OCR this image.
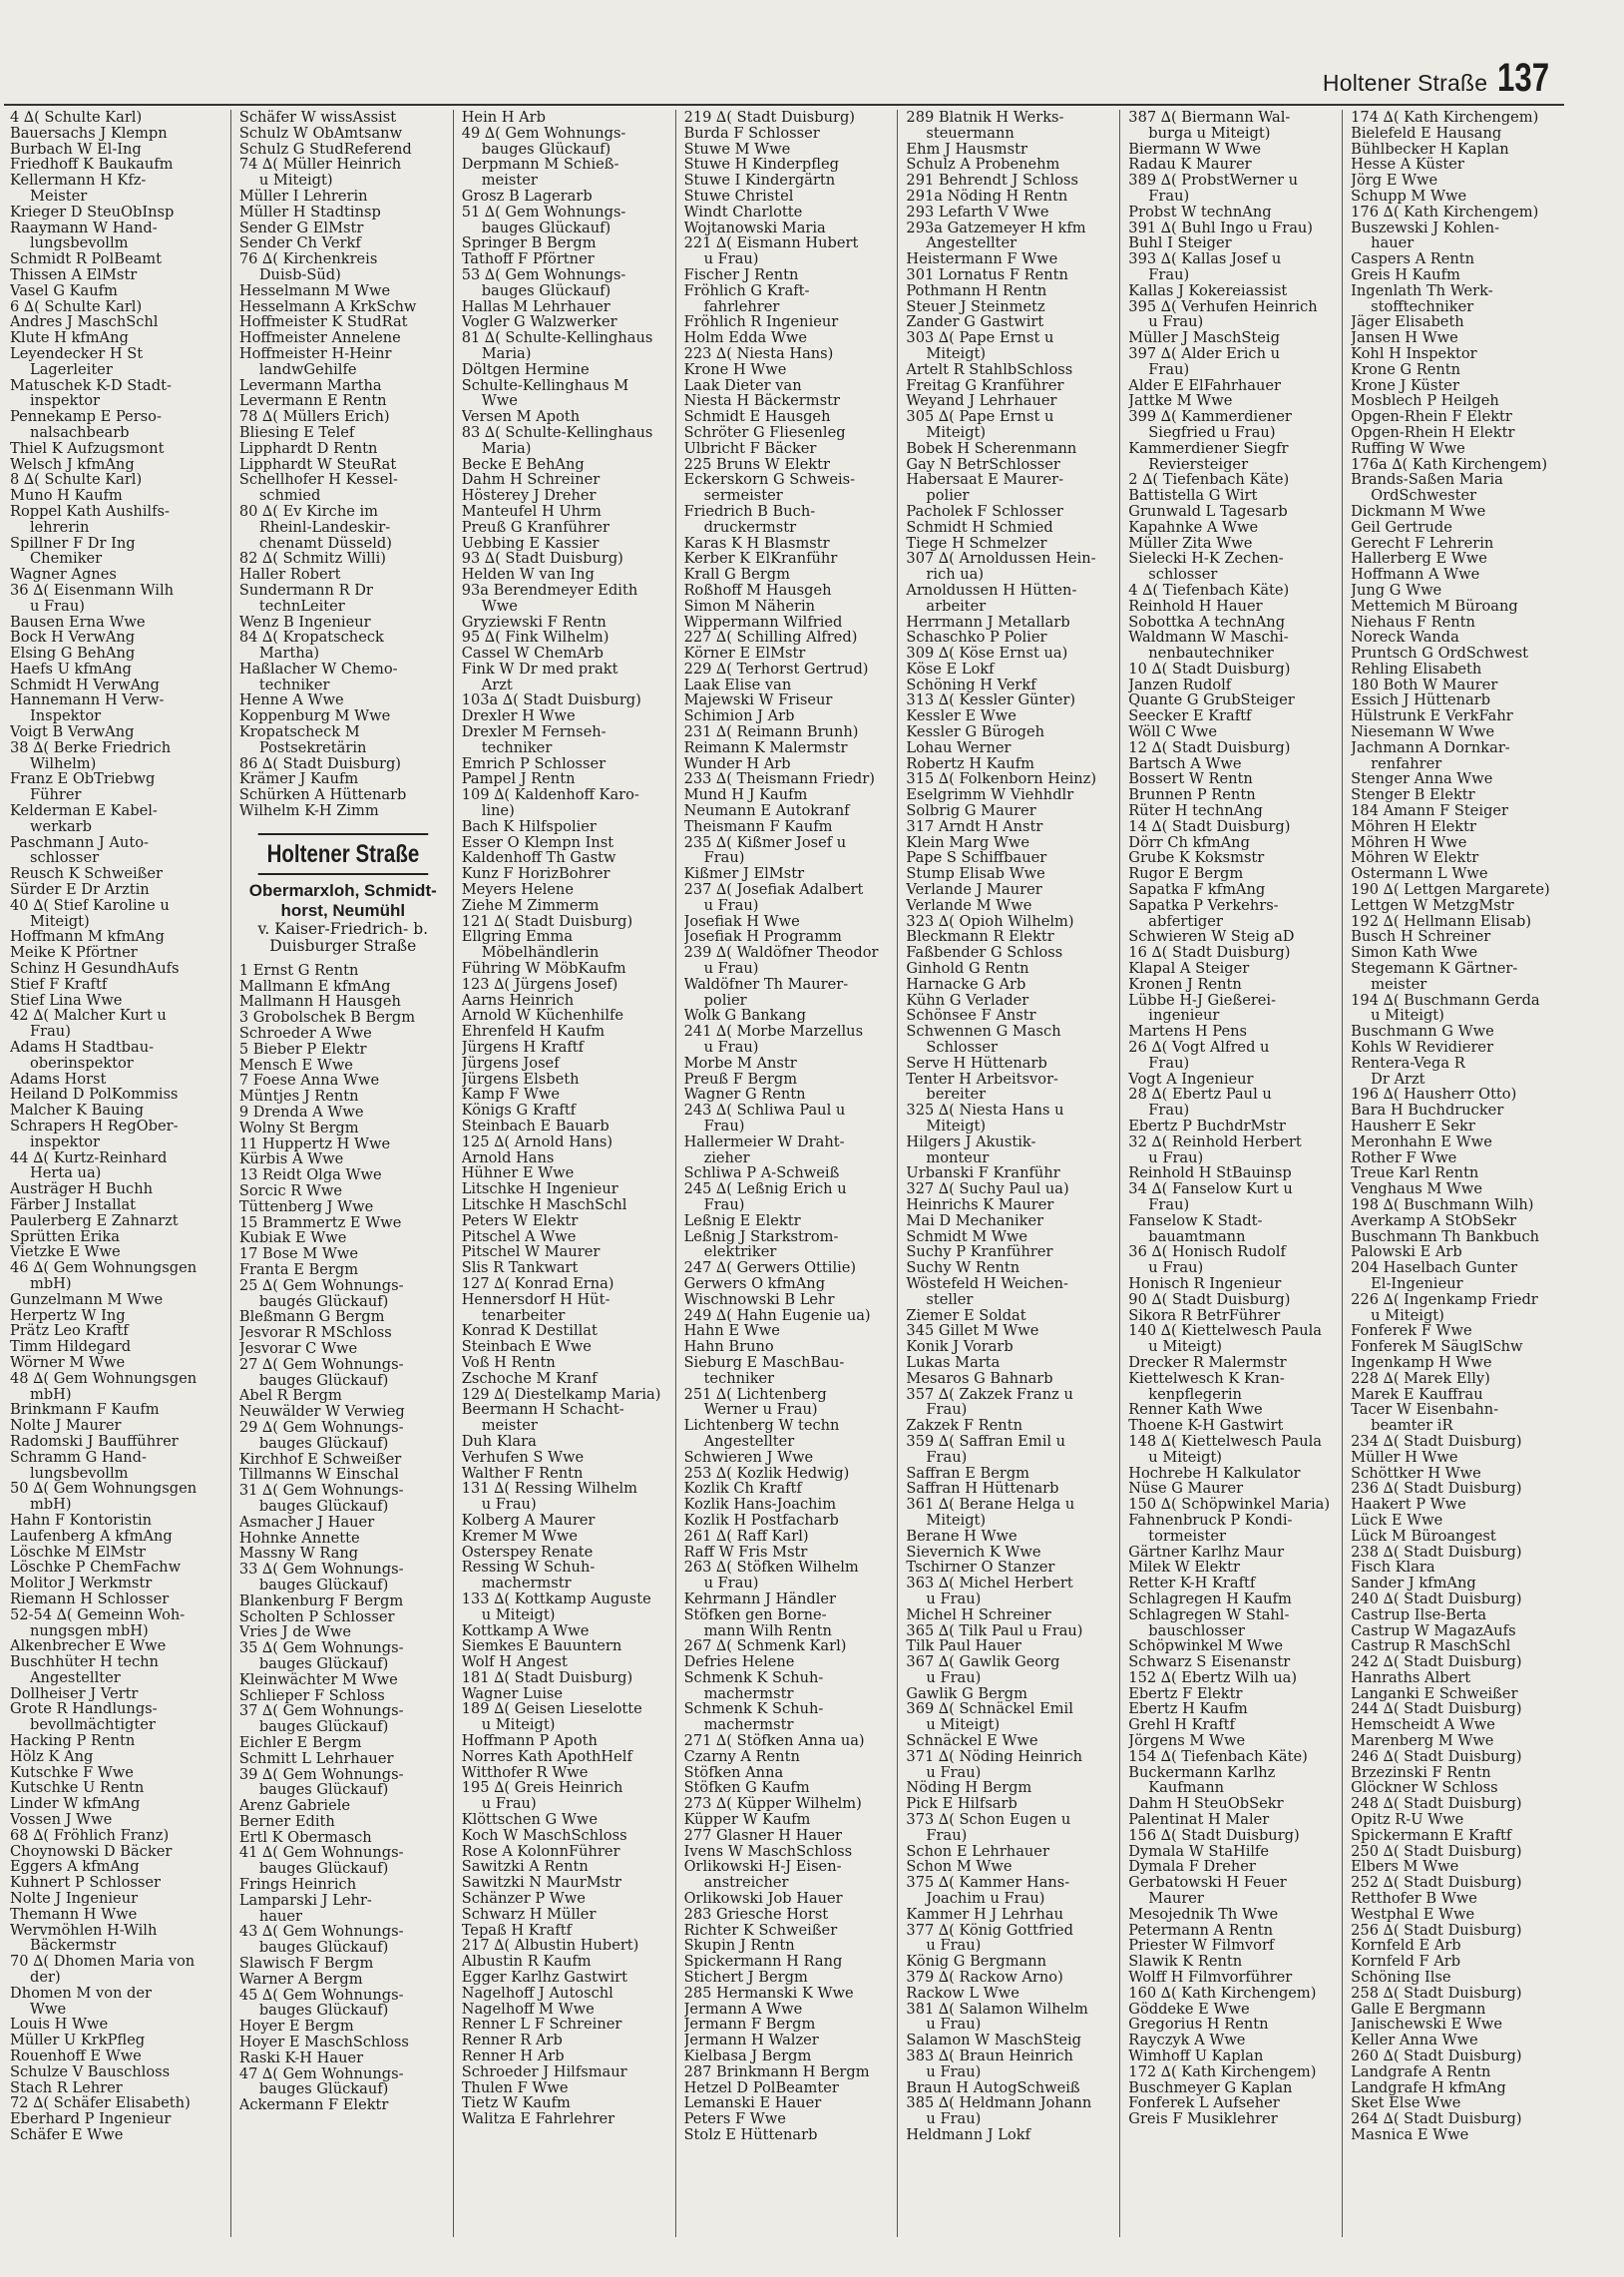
Holtener Straße 137
4 ∆( Schulte Karl)
Bauersachs J Klempn
Burbach W El-Ing
Friedhoff K Baukaufm
Kellermann H Kfz-
Meister
Krieger D SteuObInsp
Raaymann W Hand-
lungsbevollm
Schmidt R PolBeamt
Thissen A ElMstr
Vasel G Kaufm
6 ∆( Schulte Karl)
Andres J MaschSchl
Klute H kfmAng
Leyendecker H St
Lagerleiter
Matuschek K-D Stadt-
inspektor
Pennekamp E Perso-
nalsachbearb
Thiel K Aufzugsmont
Welsch J kfmAng
8 ∆( Schulte Karl)
Muno H Kaufm
Roppel Kath Aushilfs-
lehrerin
Spillner F Dr Ing
Chemiker
Wagner Agnes
36 ∆( Eisenmann Wilh
u Frau)
Bausen Erna Wwe
Bock H VerwAng
Elsing G BehAng
Haefs U kfmAng
Schmidt H VerwAng
Hannemann H Verw-
Inspektor
Voigt B VerwAng
38 ∆( Berke Friedrich
Wilhelm)
Franz E ObTriebwg
Führer
Kelderman E Kabel-
werkarb
Paschmann J Auto-
schlosser
Reusch K Schweißer
Sürder E Dr Arztin
40 ∆( Stief Karoline u
Miteigt)
Hoffmann M kfmAng
Meike K Pförtner
Schinz H GesundhAufs
Stief F Kraftf
Stief Lina Wwe
42 ∆( Malcher Kurt u
Frau)
Adams H Stadtbau-
oberinspektor
Adams Horst
Heiland D PolKommiss
Malcher K Bauing
Schrapers H RegOber-
inspektor
44 ∆( Kurtz-Reinhard
Herta ua)
Austräger H Buchh
Färber J Installat
Paulerberg E Zahnarzt
Sprütten Erika
Vietzke E Wwe
46 ∆( Gem Wohnungsgen
mbH)
Gunzelmann M Wwe
Herpertz W Ing
Prätz Leo Kraftf
Timm Hildegard
Wörner M Wwe
48 ∆( Gem Wohnungsgen
mbH)
Brinkmann F Kaufm
Nolte J Maurer
Radomski J Baufführer
Schramm G Hand-
lungsbevollm
50 ∆( Gem Wohnungsgen
mbH)
Hahn F Kontoristin
Laufenberg A kfmAng
Löschke M ElMstr
Löschke P ChemFachw
Molitor J Werkmstr
Riemann H Schlosser
52-54 ∆( Gemeinn Woh-
nungsgen mbH)
Alkenbrecher E Wwe
Buschhüter H techn
Angestellter
Dollheiser J Vertr
Grote R Handlungs-
bevollmächtigter
Hacking P Rentn
Hölz K Ang
Kutschke F Wwe
Kutschke U Rentn
Linder W kfmAng
Vossen J Wwe
68 ∆( Fröhlich Franz)
Choynowski D Bäcker
Eggers A kfmAng
Kuhnert P Schlosser
Nolte J Ingenieur
Themann H Wwe
Wervmöhlen H-Wilh
Bäckermstr
70 ∆( Dhomen Maria von
der)
Dhomen M von der
Wwe
Louis H Wwe
Müller U KrkPfleg
Rouenhoff E Wwe
Schulze V Bauschloss
Stach R Lehrer
72 ∆( Schäfer Elisabeth)
Eberhard P Ingenieur
Schäfer E Wwe
Schäfer W wissAssist
Schulz W ObAmtsanw
Schulz G StudReferend
74 ∆( Müller Heinrich
u Miteigt)
Müller I Lehrerin
Müller H Stadtinsp
Sender G ElMstr
Sender Ch Verkf
76 ∆( Kirchenkreis
Duisb-Süd)
Hesselmann M Wwe
Hesselmann A KrkSchw
Hoffmeister K StudRat
Hoffmeister Annelene
Hoffmeister H-Heinr
landwGehilfe
Levermann Martha
Levermann E Rentn
78 ∆( Müllers Erich)
Bliesing E Telef
Lipphardt D Rentn
Lipphardt W SteuRat
Schellhofer H Kessel-
schmied
80 ∆( Ev Kirche im
Rheinl-Landeskir-
chenamt Düsseld)
82 ∆( Schmitz Willi)
Haller Robert
Sundermann R Dr
technLeiter
Wenz B Ingenieur
84 ∆( Kropatscheck
Martha)
Haßlacher W Chemo-
techniker
Henne A Wwe
Koppenburg M Wwe
Kropatscheck M
Postsekretärin
86 ∆( Stadt Duisburg)
Krämer J Kaufm
Schürken A Hüttenarb
Wilhelm K-H Zimm
Holtener Straße
Obermarxloh, Schmidt-horst, Neumühl
v. Kaiser-Friedrich- b. Duisburger Straße
1 Ernst G Rentn
Mallmann E kfmAng
Mallmann H Hausgeh
3 Grobolschek B Bergm
Schroeder A Wwe
5 Bieber P Elektr
Mensch E Wwe
7 Foese Anna Wwe
Müntjes J Rentn
9 Drenda A Wwe
Wolny St Bergm
11 Huppertz H Wwe
Kürbis A Wwe
13 Reidt Olga Wwe
Sorcic R Wwe
Tüttenberg J Wwe
15 Brammertz E Wwe
Kubiak E Wwe
17 Bose M Wwe
Franta E Bergm
25 ∆( Gem Wohnungs-
baugés Glückauf)
Bleßmann G Bergm
Jesvorar R MSchloss
Jesvorar C Wwe
27 ∆( Gem Wohnungs-
bauges Glückauf)
Abel R Bergm
Neuwälder W Verwieg
29 ∆( Gem Wohnungs-
bauges Glückauf)
Kirchhof E Schweißer
Tillmanns W Einschal
31 ∆( Gem Wohnungs-
bauges Glückauf)
Asmacher J Hauer
Hohnke Annette
Massny W Rang
33 ∆( Gem Wohnungs-
bauges Glückauf)
Blankenburg F Bergm
Scholten P Schlosser
Vries J de Wwe
35 ∆( Gem Wohnungs-
bauges Glückauf)
Kleinwächter M Wwe
Schlieper F Schloss
37 ∆( Gem Wohnungs-
bauges Glückauf)
Eichler E Bergm
Schmitt L Lehrhauer
39 ∆( Gem Wohnungs-
bauges Glückauf)
Arenz Gabriele
Berner Edith
Ertl K Obermasch
41 ∆( Gem Wohnungs-
bauges Glückauf)
Frings Heinrich
Lamparski J Lehr-
hauer
43 ∆( Gem Wohnungs-
bauges Glückauf)
Slawisch F Bergm
Warner A Bergm
45 ∆( Gem Wohnungs-
bauges Glückauf)
Hoyer E Bergm
Hoyer E MaschSchloss
Raski K-H Hauer
47 ∆( Gem Wohnungs-
bauges Glückauf)
Ackermann F Elektr
Hein H Arb
49 ∆( Gem Wohnungs-
bauges Glückauf)
Derpmann M Schieß-
meister
Grosz B Lagerarb
51 ∆( Gem Wohnungs-
bauges Glückauf)
Springer B Bergm
Tathoff F Pförtner
53 ∆( Gem Wohnungs-
bauges Glückauf)
Hallas M Lehrhauer
Vogler G Walzwerker
81 ∆( Schulte-Kellinghaus
Maria)
Döltgen Hermine
Schulte-Kellinghaus M
Wwe
Versen M Apoth
83 ∆( Schulte-Kellinghaus
Maria)
Becke E BehAng
Dahm H Schreiner
Hösterey J Dreher
Manteufel H Uhrm
Preuß G Kranführer
Uebbing E Kassier
93 ∆( Stadt Duisburg)
Helden W van Ing
93a Berendmeyer Edith
Wwe
Gryziewski F Rentn
95 ∆( Fink Wilhelm)
Cassel W ChemArb
Fink W Dr med prakt
Arzt
103a ∆( Stadt Duisburg)
Drexler H Wwe
Drexler M Fernseh-
techniker
Emrich P Schlosser
Pampel J Rentn
109 ∆( Kaldenhoff Karo-
line)
Bach K Hilfspolier
Esser O Klempn Inst
Kaldenhoff Th Gastw
Kunz F HorizBohrer
Meyers Helene
Ziehe M Zimmerm
121 ∆( Stadt Duisburg)
Ellgring Emma
Möbelhändlerin
Führing W MöbKaufm
123 ∆( Jürgens Josef)
Aarns Heinrich
Arnold W Küchenhilfe
Ehrenfeld H Kaufm
Jürgens H Kraftf
Jürgens Josef
Jürgens Elsbeth
Kamp F Wwe
Königs G Kraftf
Steinbach E Bauarb
125 ∆( Arnold Hans)
Arnold Hans
Hühner E Wwe
Litschke H Ingenieur
Litschke H MaschSchl
Peters W Elektr
Pitschel A Wwe
Pitschel W Maurer
Slis R Tankwart
127 ∆( Konrad Erna)
Hennersdorf H Hüt-
tenarbeiter
Konrad K Destillat
Steinbach E Wwe
Voß H Rentn
Zschoche M Kranf
129 ∆( Diestelkamp Maria)
Beermann H Schacht-
meister
Duh Klara
Verhufen S Wwe
Walther F Rentn
131 ∆( Ressing Wilhelm
u Frau)
Kolberg A Maurer
Kremer M Wwe
Osterspey Renate
Ressing W Schuh-
machermstr
133 ∆( Kottkamp Auguste
u Miteigt)
Kottkamp A Wwe
Siemkes E Bauuntern
Wolf H Angest
181 ∆( Stadt Duisburg)
Wagner Luise
189 ∆( Geisen Lieselotte
u Miteigt)
Hoffmann P Apoth
Norres Kath ApothHelf
Witthofer R Wwe
195 ∆( Greis Heinrich
u Frau)
Klöttschen G Wwe
Koch W MaschSchloss
Rose A KolonnFührer
Sawitzki A Rentn
Sawitzki N MaurMstr
Schänzer P Wwe
Schwarz H Müller
Tepaß H Kraftf
217 ∆( Albustin Hubert)
Albustin R Kaufm
Egger Karlhz Gastwirt
Nagelhoff J Autoschl
Nagelhoff M Wwe
Renner L F Schreiner
Renner R Arb
Renner H Arb
Schroeder J Hilfsmaur
Thulen F Wwe
Tietz W Kaufm
Walitza E Fahrlehrer
219 ∆( Stadt Duisburg)
Burda F Schlosser
Stuwe M Wwe
Stuwe H Kinderpfleg
Stuwe I Kindergärtn
Stuwe Christel
Windt Charlotte
Wojtanowski Maria
221 ∆( Eismann Hubert
u Frau)
Fischer J Rentn
Fröhlich G Kraft-
fahrlehrer
Fröhlich R Ingenieur
Holm Edda Wwe
223 ∆( Niesta Hans)
Krone H Wwe
Laak Dieter van
Niesta H Bäckermstr
Schmidt E Hausgeh
Schröter G Fliesenleg
Ulbricht F Bäcker
225 Bruns W Elektr
Eckerskorn G Schweis-
sermeister
Friedrich B Buch-
druckermstr
Karas K H Blasmstr
Kerber K ElKranführ
Krall G Bergm
Roßhoff M Hausgeh
Simon M Näherin
Wippermann Wilfried
227 ∆( Schilling Alfred)
Körner E ElMstr
229 ∆( Terhorst Gertrud)
Laak Elise van
Majewski W Friseur
Schimion J Arb
231 ∆( Reimann Brunh)
Reimann K Malermstr
Wunder H Arb
233 ∆( Theismann Friedr)
Mund H J Kaufm
Neumann E Autokranf
Theismann F Kaufm
235 ∆( Kißmer Josef u
Frau)
Kißmer J ElMstr
237 ∆( Josefiak Adalbert
u Frau)
Josefiak H Wwe
Josefiak H Programm
239 ∆( Waldöfner Theodor
u Frau)
Waldöfner Th Maurer-
polier
Wolk G Bankang
241 ∆( Morbe Marzellus
u Frau)
Morbe M Anstr
Preuß F Bergm
Wagner G Rentn
243 ∆( Schliwa Paul u
Frau)
Hallermeier W Draht-
zieher
Schliwa P A-Schweiß
245 ∆( Leßnig Erich u
Frau)
Leßnig E Elektr
Leßnig J Starkstrom-
elektriker
247 ∆( Gerwers Ottilie)
Gerwers O kfmAng
Wischnowski B Lehr
249 ∆( Hahn Eugenie ua)
Hahn E Wwe
Hahn Bruno
Sieburg E MaschBau-
techniker
251 ∆( Lichtenberg
Werner u Frau)
Lichtenberg W techn
Angestellter
Schwieren J Wwe
253 ∆( Kozlik Hedwig)
Kozlik Ch Kraftf
Kozlik Hans-Joachim
Kozlik H Postfacharb
261 ∆( Raff Karl)
Raff W Fris Mstr
263 ∆( Stöfken Wilhelm
u Frau)
Kehrmann J Händler
Stöfken gen Borne-
mann Wilh Rentn
267 ∆( Schmenk Karl)
Defries Helene
Schmenk K Schuh-
machermstr
Schmenk K Schuh-
machermstr
271 ∆( Stöfken Anna ua)
Czarny A Rentn
Stöfken Anna
Stöfken G Kaufm
273 ∆( Küpper Wilhelm)
Küpper W Kaufm
277 Glasner H Hauer
Ivens W MaschSchloss
Orlikowski H-J Eisen-
anstreicher
Orlikowski Job Hauer
283 Griesche Horst
Richter K Schweißer
Skupin J Rentn
Spickermann H Rang
Stichert J Bergm
285 Hermanski K Wwe
Jermann A Wwe
Jermann F Bergm
Jermann H Walzer
Kielbasa J Bergm
287 Brinkmann H Bergm
Hetzel D PolBeamter
Lemanski E Hauer
Peters F Wwe
Stolz E Hüttenarb
289 Blatnik H Werks-
steuermann
Ehm J Hausmstr
Schulz A Probenehm
291 Behrendt J Schloss
291a Nöding H Rentn
293 Lefarth V Wwe
293a Gatzemeyer H kfm
Angestellter
Heistermann F Wwe
301 Lornatus F Rentn
Pothmann H Rentn
Steuer J Steinmetz
Zander G Gastwirt
303 ∆( Pape Ernst u
Miteigt)
Artelt R StahlbSchloss
Freitag G Kranführer
Weyand J Lehrhauer
305 ∆( Pape Ernst u
Miteigt)
Bobek H Scherenmann
Gay N BetrSchlosser
Habersaat E Maurer-
polier
Pacholek F Schlosser
Schmidt H Schmied
Tiege H Schmelzer
307 ∆( Arnoldussen Hein-
rich ua)
Arnoldussen H Hütten-
arbeiter
Herrmann J Metallarb
Schaschko P Polier
309 ∆( Köse Ernst ua)
Köse E Lokf
Schöning H Verkf
313 ∆( Kessler Günter)
Kessler E Wwe
Kessler G Bürogeh
Lohau Werner
Robertz H Kaufm
315 ∆( Folkenborn Heinz)
Eselgrimm W Viehhdlr
Solbrig G Maurer
317 Arndt H Anstr
Klein Marg Wwe
Pape S Schiffbauer
Stump Elisab Wwe
Verlande J Maurer
Verlande M Wwe
323 ∆( Opioh Wilhelm)
Bleckmann R Elektr
Faßbender G Schloss
Ginhold G Rentn
Harnacke G Arb
Kühn G Verlader
Schönsee F Anstr
Schwennen G Masch
Schlosser
Serve H Hüttenarb
Tenter H Arbeitsvor-
bereiter
325 ∆( Niesta Hans u
Miteigt)
Hilgers J Akustik-
monteur
Urbanski F Kranführ
327 ∆( Suchy Paul ua)
Heinrichs K Maurer
Mai D Mechaniker
Schmidt M Wwe
Suchy P Kranführer
Suchy W Rentn
Wöstefeld H Weichen-
steller
Ziemer E Soldat
345 Gillet M Wwe
Konik J Vorarb
Lukas Marta
Mesaros G Bahnarb
357 ∆( Zakzek Franz u
Frau)
Zakzek F Rentn
359 ∆( Saffran Emil u
Frau)
Saffran E Bergm
Saffran H Hüttenarb
361 ∆( Berane Helga u
Miteigt)
Berane H Wwe
Sievernich K Wwe
Tschirner O Stanzer
363 ∆( Michel Herbert
u Frau)
Michel H Schreiner
365 ∆( Tilk Paul u Frau)
Tilk Paul Hauer
367 ∆( Gawlik Georg
u Frau)
Gawlik G Bergm
369 ∆( Schnäckel Emil
u Miteigt)
Schnäckel E Wwe
371 ∆( Nöding Heinrich
u Frau)
Nöding H Bergm
Pick E Hilfsarb
373 ∆( Schon Eugen u
Frau)
Schon E Lehrhauer
Schon M Wwe
375 ∆( Kammer Hans-
Joachim u Frau)
Kammer H J Lehrhau
377 ∆( König Gottfried
u Frau)
König G Bergmann
379 ∆( Rackow Arno)
Rackow L Wwe
381 ∆( Salamon Wilhelm
u Frau)
Salamon W MaschSteig
383 ∆( Braun Heinrich
u Frau)
Braun H AutogSchweiß
385 ∆( Heldmann Johann
u Frau)
Heldmann J Lokf
387 ∆( Biermann Wal-
burga u Miteigt)
Biermann W Wwe
Radau K Maurer
389 ∆( ProbstWerner u
Frau)
Probst W technAng
391 ∆( Buhl Ingo u Frau)
Buhl I Steiger
393 ∆( Kallas Josef u
Frau)
Kallas J Kokereiassist
395 ∆( Verhufen Heinrich
u Frau)
Müller J MaschSteig
397 ∆( Alder Erich u
Frau)
Alder E ElFahrhauer
Jattke M Wwe
399 ∆( Kammerdiener
Siegfried u Frau)
Kammerdiener Siegfr
Reviersteiger
2 ∆( Tiefenbach Käte)
Battistella G Wirt
Grunwald L Tagesarb
Kapahnke A Wwe
Müller Zita Wwe
Sielecki H-K Zechen-
schlosser
4 ∆( Tiefenbach Käte)
Reinhold H Hauer
Sobottka A technAng
Waldmann W Maschi-
nenbautechniker
10 ∆( Stadt Duisburg)
Janzen Rudolf
Quante G GrubSteiger
Seecker E Kraftf
Wöll C Wwe
12 ∆( Stadt Duisburg)
Bartsch A Wwe
Bossert W Rentn
Brunnen P Rentn
Rüter H technAng
14 ∆( Stadt Duisburg)
Dörr Ch kfmAng
Grube K Koksmstr
Rugor E Bergm
Sapatka F kfmAng
Sapatka P Verkehrs-
abfertiger
Schwieren W Steig aD
16 ∆( Stadt Duisburg)
Klapal A Steiger
Kronen J Rentn
Lübbe H-J Gießerei-
ingenieur
Martens H Pens
26 ∆( Vogt Alfred u
Frau)
Vogt A Ingenieur
28 ∆( Ebertz Paul u
Frau)
Ebertz P BuchdrMstr
32 ∆( Reinhold Herbert
u Frau)
Reinhold H StBauinsp
34 ∆( Fanselow Kurt u
Frau)
Fanselow K Stadt-
bauamtmann
36 ∆( Honisch Rudolf
u Frau)
Honisch R Ingenieur
90 ∆( Stadt Duisburg)
Sikora R BetrFührer
140 ∆( Kiettelwesch Paula
u Miteigt)
Drecker R Malermstr
Kiettelwesch K Kran-
kenpflegerin
Renner Kath Wwe
Thoene K-H Gastwirt
148 ∆( Kiettelwesch Paula
u Miteigt)
Hochrebe H Kalkulator
Nüse G Maurer
150 ∆( Schöpwinkel Maria)
Fahnenbruck P Kondi-
tormeister
Gärtner Karlhz Maur
Milek W Elektr
Retter K-H Kraftf
Schlagregen H Kaufm
Schlagregen W Stahl-
bauschlosser
Schöpwinkel M Wwe
Schwarz S Eisenanstr
152 ∆( Ebertz Wilh ua)
Ebertz F Elektr
Ebertz H Kaufm
Grehl H Kraftf
Jörgens M Wwe
154 ∆( Tiefenbach Käte)
Buckermann Karlhz
Kaufmann
Dahm H SteuObSekr
Palentinat H Maler
156 ∆( Stadt Duisburg)
Dymala W StaHilfe
Dymala F Dreher
Gerbatowski H Feuer
Maurer
Mesojednik Th Wwe
Petermann A Rentn
Priester W Filmvorf
Slawik K Rentn
Wolff H Filmvorführer
160 ∆( Kath Kirchengem)
Göddeke E Wwe
Gregorius H Rentn
Rayczyk A Wwe
Wimhoff U Kaplan
172 ∆( Kath Kirchengem)
Buschmeyer G Kaplan
Fonferek L Aufseher
Greis F Musiklehrer
174 ∆( Kath Kirchengem)
Bielefeld E Hausang
Bühlbecker H Kaplan
Hesse A Küster
Jörg E Wwe
Schupp M Wwe
176 ∆( Kath Kirchengem)
Buszewski J Kohlen-
hauer
Caspers A Rentn
Greis H Kaufm
Ingenlath Th Werk-
stofftechniker
Jäger Elisabeth
Jansen H Wwe
Kohl H Inspektor
Krone G Rentn
Krone J Küster
Mosblech P Heilgeh
Opgen-Rhein F Elektr
Opgen-Rhein H Elektr
Ruffing W Wwe
176a ∆( Kath Kirchengem)
Brands-Saßen Maria
OrdSchwester
Dickmann M Wwe
Geil Gertrude
Gerecht F Lehrerin
Hallerberg E Wwe
Hoffmann A Wwe
Jung G Wwe
Mettemich M Büroang
Niehaus F Rentn
Noreck Wanda
Pruntsch G OrdSchwest
Rehling Elisabeth
180 Both W Maurer
Essich J Hüttenarb
Hülstrunk E VerkFahr
Niesemann W Wwe
Jachmann A Dornkar-
renfahrer
Stenger Anna Wwe
Stenger B Elektr
184 Amann F Steiger
Möhren H Elektr
Möhren H Wwe
Möhren W Elektr
Ostermann L Wwe
190 ∆( Lettgen Margarete)
Lettgen W MetzgMstr
192 ∆( Hellmann Elisab)
Busch H Schreiner
Simon Kath Wwe
Stegemann K Gärtner-
meister
194 ∆( Buschmann Gerda
u Miteigt)
Buschmann G Wwe
Kohls W Revidierer
Rentera-Vega R
Dr Arzt
196 ∆( Hausherr Otto)
Bara H Buchdrucker
Hausherr E Sekr
Meronhahn E Wwe
Rother F Wwe
Treue Karl Rentn
Venghaus M Wwe
198 ∆( Buschmann Wilh)
Averkamp A StObSekr
Buschmann Th Bankbuch
Palowski E Arb
204 Haselbach Gunter
El-Ingenieur
226 ∆( Ingenkamp Friedr
u Miteigt)
Fonferek F Wwe
Fonferek M SäuglSchw
Ingenkamp H Wwe
228 ∆( Marek Elly)
Marek E Kauffrau
Tacer W Eisenbahn-
beamter iR
234 ∆( Stadt Duisburg)
Müller H Wwe
Schöttker H Wwe
236 ∆( Stadt Duisburg)
Haakert P Wwe
Lück E Wwe
Lück M Büroangest
238 ∆( Stadt Duisburg)
Fisch Klara
Sander J kfmAng
240 ∆( Stadt Duisburg)
Castrup Ilse-Berta
Castrup W MagazAufs
Castrup R MaschSchl
242 ∆( Stadt Duisburg)
Hanraths Albert
Langanki E Schweißer
244 ∆( Stadt Duisburg)
Hemscheidt A Wwe
Marenberg M Wwe
246 ∆( Stadt Duisburg)
Brzezinski F Rentn
Glöckner W Schloss
248 ∆( Stadt Duisburg)
Opitz R-U Wwe
Spickermann E Kraftf
250 ∆( Stadt Duisburg)
Elbers M Wwe
252 ∆( Stadt Duisburg)
Retthofer B Wwe
Westphal E Wwe
256 ∆( Stadt Duisburg)
Kornfeld E Arb
Kornfeld F Arb
Schöning Ilse
258 ∆( Stadt Duisburg)
Galle E Bergmann
Janischewski E Wwe
Keller Anna Wwe
260 ∆( Stadt Duisburg)
Landgrafe A Rentn
Landgrafe H kfmAng
Sket Else Wwe
264 ∆( Stadt Duisburg)
Masnica E Wwe
